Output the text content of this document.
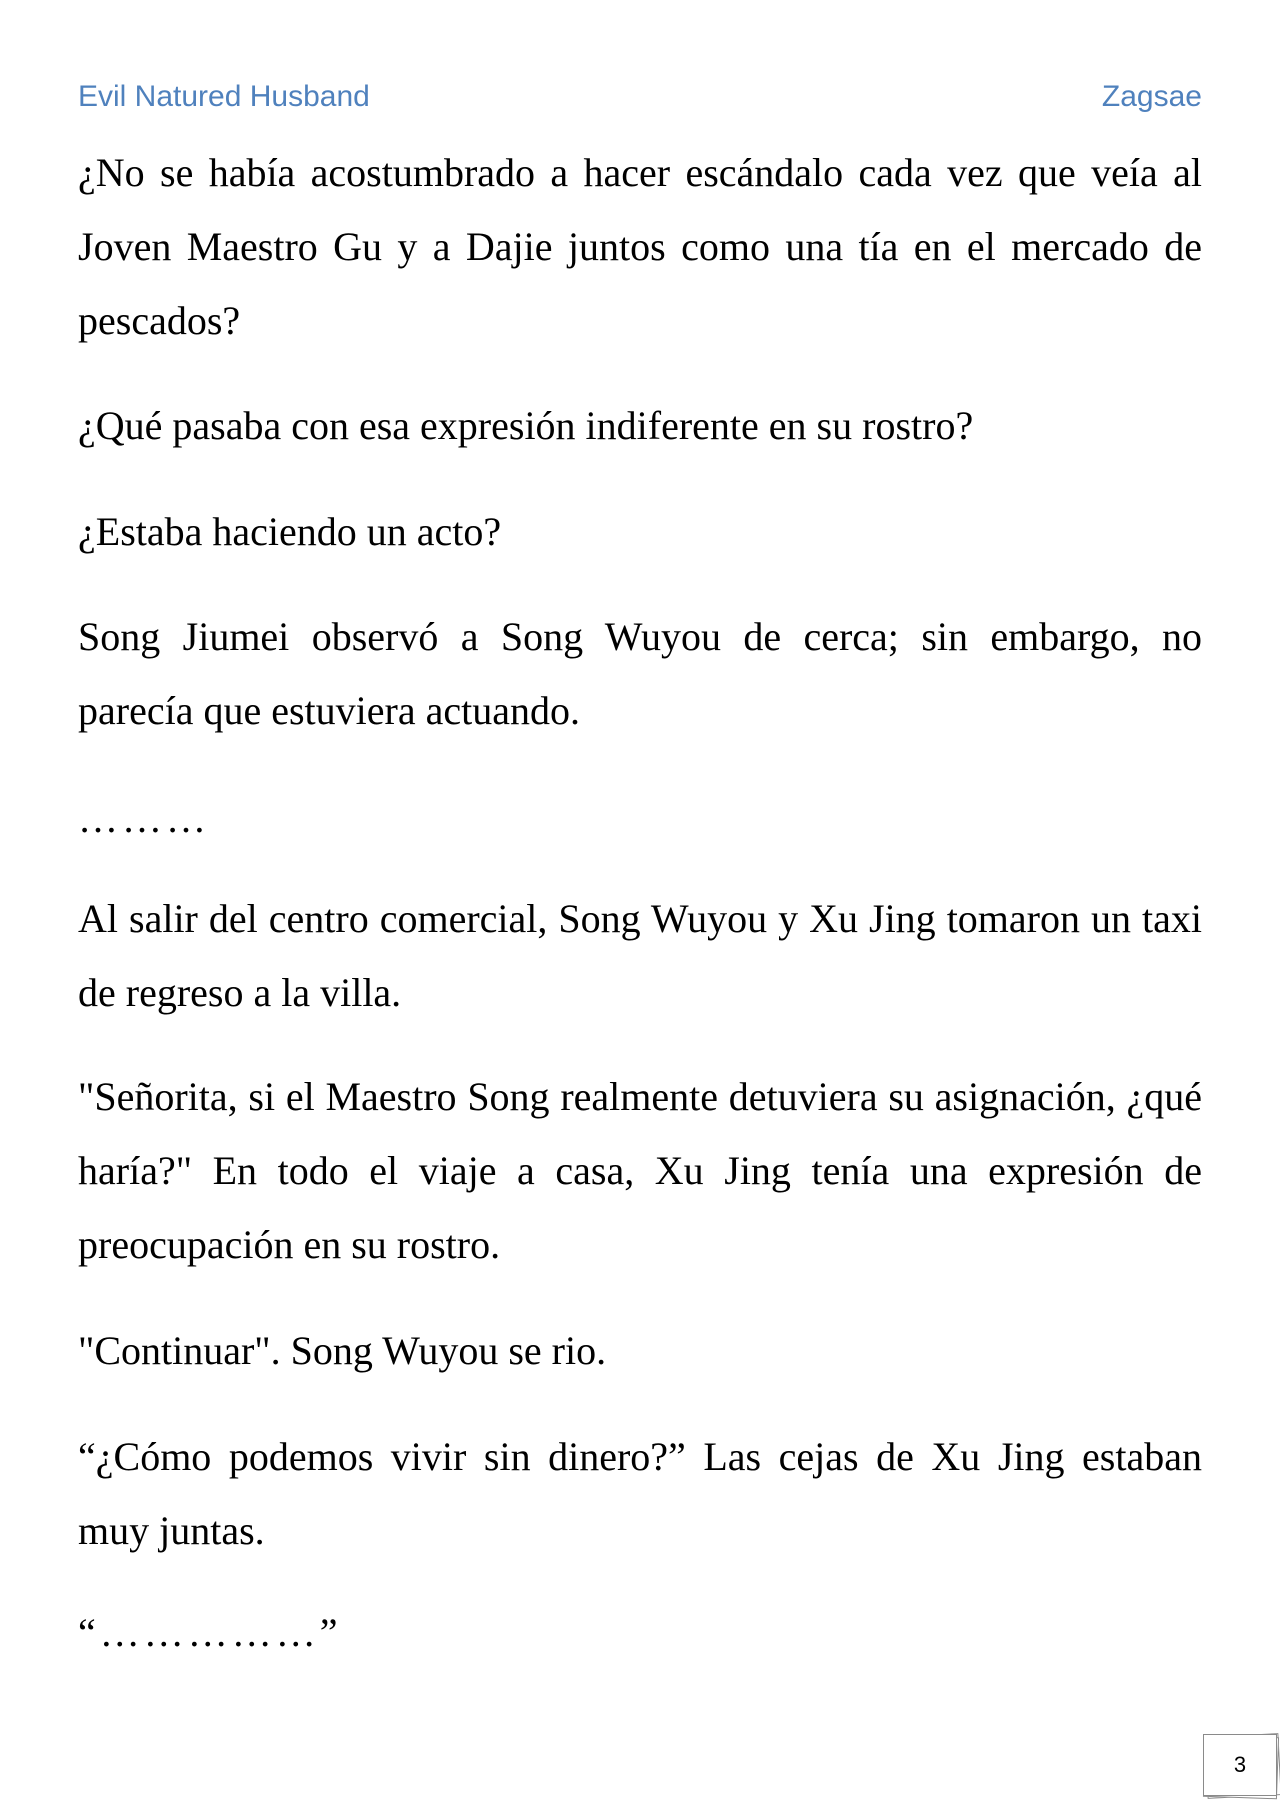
Evil Natured Husband	Zagsae

¿No se había acostumbrado a hacer escándalo cada vez que veía al Joven Maestro Gu y a Dajie juntos como una tía en el mercado de pescados?

¿Qué pasaba con esa expresión indiferente en su rostro?

¿Estaba haciendo un acto?

Song Jiumei observó a Song Wuyou de cerca; sin embargo, no parecía que estuviera actuando.

………

Al salir del centro comercial, Song Wuyou y Xu Jing tomaron un taxi de regreso a la villa.

"Señorita, si el Maestro Song realmente detuviera su asignación, ¿qué haría?" En todo el viaje a casa, Xu Jing tenía una expresión de preocupación en su rostro.

"Continuar". Song Wuyou se rio.

“¿Cómo podemos vivir sin dinero?” Las cejas de Xu Jing estaban muy juntas.

“……………”

3
